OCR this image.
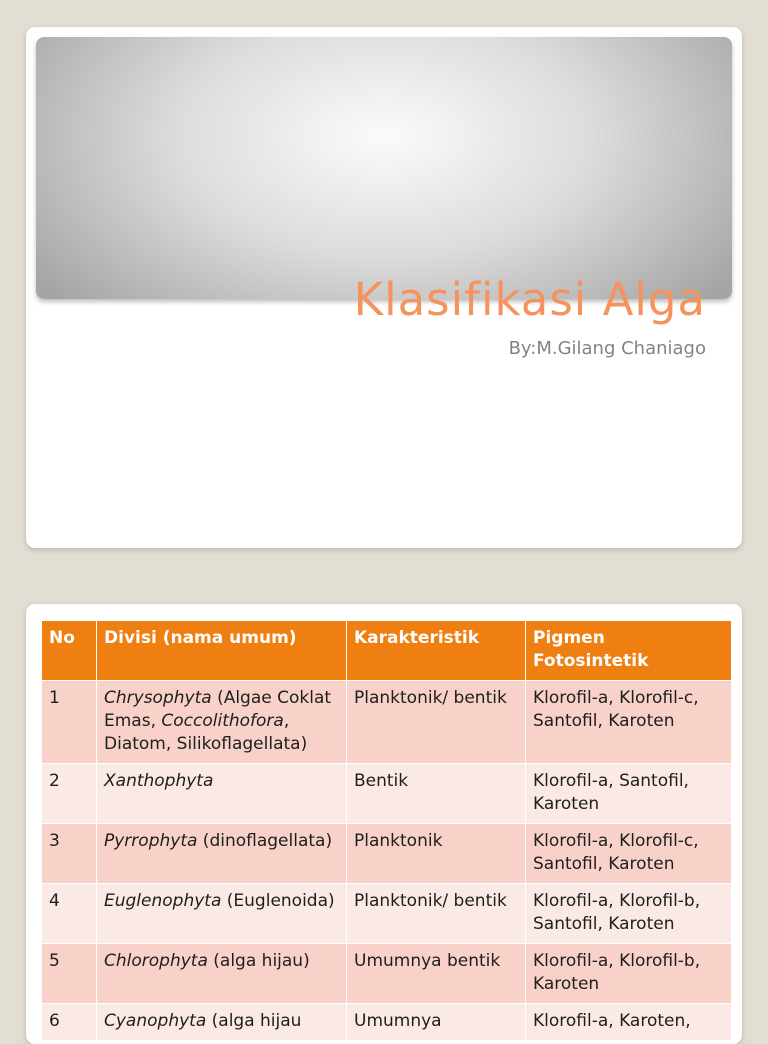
Klasifikasi Alga
By:M.Gilang Chaniago
No	Divisi (nama umum)	Karakteristik	Pigmen Fotosintetik
1	Chrysophyta (Algae Coklat Emas, Coccolithofora, Diatom, Silikoflagellata)	Planktonik/ bentik	Klorofil-a, Klorofil-c, Santofil, Karoten
2	Xanthophyta	Bentik	Klorofil-a, Santofil, Karoten
3	Pyrrophyta (dinoflagellata)	Planktonik	Klorofil-a, Klorofil-c, Santofil, Karoten
4	Euglenophyta (Euglenoida)	Planktonik/ bentik	Klorofil-a, Klorofil-b, Santofil, Karoten
5	Chlorophyta (alga hijau)	Umumnya bentik	Klorofil-a, Klorofil-b, Karoten
6	Cyanophyta (alga hijau	Umumnya	Klorofil-a, Karoten,
